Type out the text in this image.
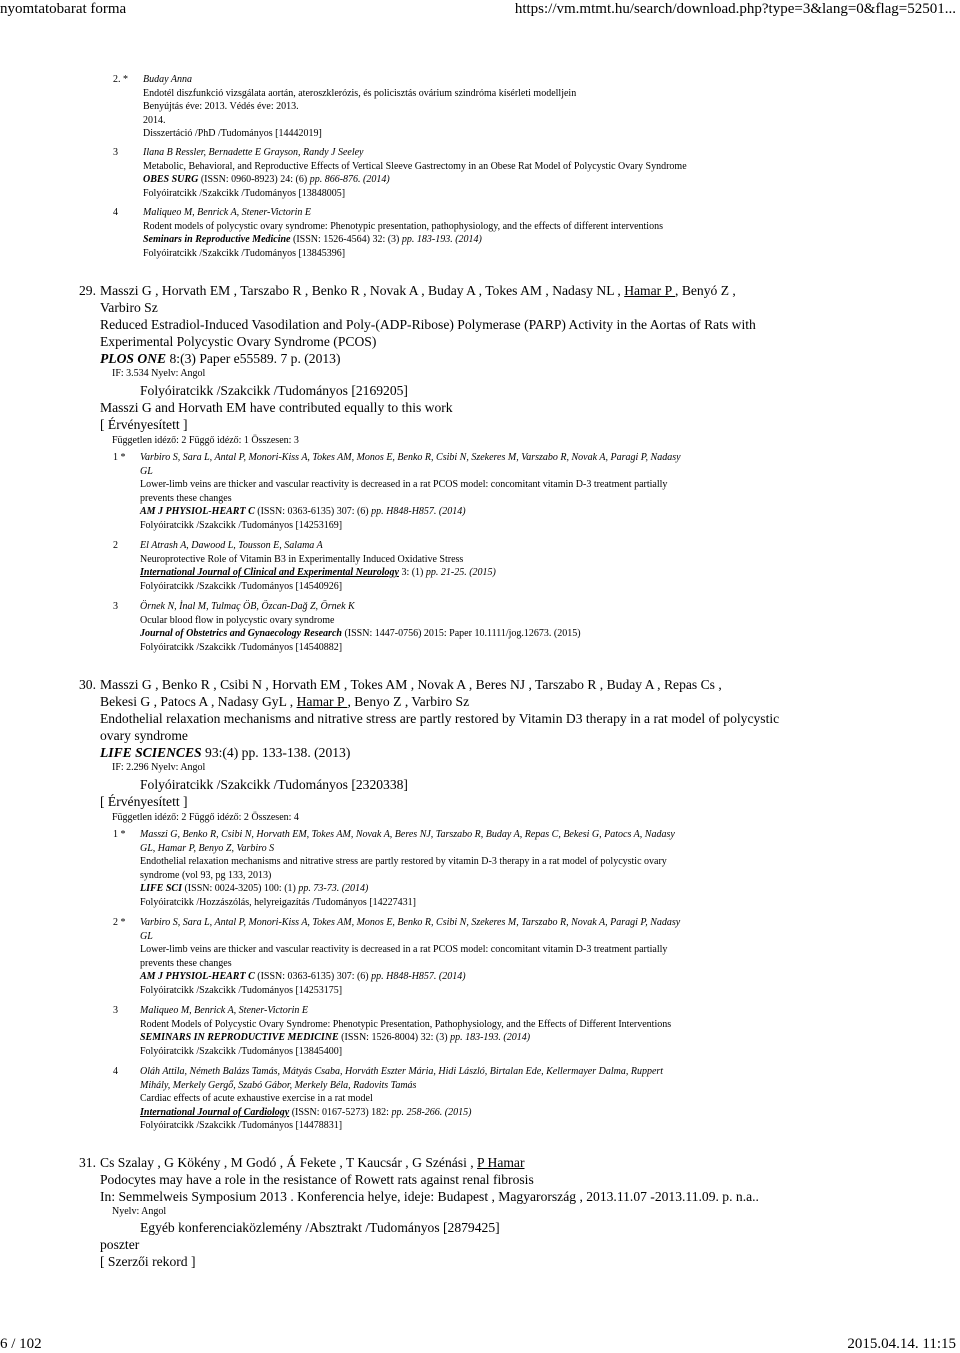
nyomtatobarat forma	https://vm.mtmt.hu/search/download.php?type=3&lang=0&flag=52501...
2. * Buday Anna
Endotél diszfunkció vizsgálata aortán, ateroszklerózis, és policisztás ovárium szindróma kísérleti modelljein
Benyújtás éve: 2013. Védés éve: 2013.
2014.
Disszertáció /PhD /Tudományos [14442019]
3	Ilana B Ressler, Bernadette E Grayson, Randy J Seeley
Metabolic, Behavioral, and Reproductive Effects of Vertical Sleeve Gastrectomy in an Obese Rat Model of Polycystic Ovary Syndrome
OBES SURG (ISSN: 0960-8923) 24: (6) pp. 866-876. (2014)
Folyóiratcikk /Szakcikk /Tudományos [13848005]
4	Maliqueo M, Benrick A, Stener-Victorin E
Rodent models of polycystic ovary syndrome: Phenotypic presentation, pathophysiology, and the effects of different interventions
Seminars in Reproductive Medicine (ISSN: 1526-4564) 32: (3) pp. 183-193. (2014)
Folyóiratcikk /Szakcikk /Tudományos [13845396]
29. Masszi G , Horvath EM , Tarszabo R , Benko R , Novak A , Buday A , Tokes AM , Nadasy NL , Hamar P , Benyó Z ,
Varbiro Sz
Reduced Estradiol-Induced Vasodilation and Poly-(ADP-Ribose) Polymerase (PARP) Activity in the Aortas of Rats with
Experimental Polycystic Ovary Syndrome (PCOS)
PLOS ONE 8:(3) Paper e55589. 7 p. (2013)
IF: 3.534 Nyelv: Angol
Folyóiratcikk /Szakcikk /Tudományos [2169205]
Masszi G and Horvath EM have contributed equally to this work
[ Érvényesített ]
Független idéző: 2 Függő idéző: 1 Összesen: 3
1 * Varbiro S, Sara L, Antal P, Monori-Kiss A, Tokes AM, Monos E, Benko R, Csibi N, Szekeres M, Varszabo R, Novak A, Paragi P, Nadasy
GL
Lower-limb veins are thicker and vascular reactivity is decreased in a rat PCOS model: concomitant vitamin D-3 treatment partially
prevents these changes
AM J PHYSIOL-HEART C (ISSN: 0363-6135) 307: (6) pp. H848-H857. (2014)
Folyóiratcikk /Szakcikk /Tudományos [14253169]
2 El Atrash A, Dawood L, Tousson E, Salama A
Neuroprotective Role of Vitamin B3 in Experimentally Induced Oxidative Stress
International Journal of Clinical and Experimental Neurology 3: (1) pp. 21-25. (2015)
Folyóiratcikk /Szakcikk /Tudományos [14540926]
3 Örnek N, İnal M, Tulmaç ÖB, Özcan-Dağ Z, Örnek K
Ocular blood flow in polycystic ovary syndrome
Journal of Obstetrics and Gynaecology Research (ISSN: 1447-0756) 2015: Paper 10.1111/jog.12673. (2015)
Folyóiratcikk /Szakcikk /Tudományos [14540882]
30. Masszi G , Benko R , Csibi N , Horvath EM , Tokes AM , Novak A , Beres NJ , Tarszabo R , Buday A , Repas Cs ,
Bekesi G , Patocs A , Nadasy GyL , Hamar P , Benyo Z , Varbiro Sz
Endothelial relaxation mechanisms and nitrative stress are partly restored by Vitamin D3 therapy in a rat model of polycystic
ovary syndrome
LIFE SCIENCES 93:(4) pp. 133-138. (2013)
IF: 2.296 Nyelv: Angol
Folyóiratcikk /Szakcikk /Tudományos [2320338]
[ Érvényesített ]
Független idéző: 2 Függő idéző: 2 Összesen: 4
1 * Masszi G, Benko R, Csibi N, Horvath EM, Tokes AM, Novak A, Beres NJ, Tarszabo R, Buday A, Repas C, Bekesi G, Patocs A, Nadasy
GL, Hamar P, Benyo Z, Varbiro S
Endothelial relaxation mechanisms and nitrative stress are partly restored by vitamin D-3 therapy in a rat model of polycystic ovary
syndrome (vol 93, pg 133, 2013)
LIFE SCI (ISSN: 0024-3205) 100: (1) pp. 73-73. (2014)
Folyóiratcikk /Hozzászólás, helyreigazítás /Tudományos [14227431]
2 * Varbiro S, Sara L, Antal P, Monori-Kiss A, Tokes AM, Monos E, Benko R, Csibi N, Szekeres M, Tarszabo R, Novak A, Paragi P, Nadasy
GL
Lower-limb veins are thicker and vascular reactivity is decreased in a rat PCOS model: concomitant vitamin D-3 treatment partially
prevents these changes
AM J PHYSIOL-HEART C (ISSN: 0363-6135) 307: (6) pp. H848-H857. (2014)
Folyóiratcikk /Szakcikk /Tudományos [14253175]
3 Maliqueo M, Benrick A, Stener-Victorin E
Rodent Models of Polycystic Ovary Syndrome: Phenotypic Presentation, Pathophysiology, and the Effects of Different Interventions
SEMINARS IN REPRODUCTIVE MEDICINE (ISSN: 1526-8004) 32: (3) pp. 183-193. (2014)
Folyóiratcikk /Szakcikk /Tudományos [13845400]
4 Oláh Attila, Németh Balázs Tamás, Mátyás Csaba, Horváth Eszter Mária, Hidi László, Birtalan Ede, Kellermayer Dalma, Ruppert
Mihály, Merkely Gergő, Szabó Gábor, Merkely Béla, Radovits Tamás
Cardiac effects of acute exhaustive exercise in a rat model
International Journal of Cardiology (ISSN: 0167-5273) 182: pp. 258-266. (2015)
Folyóiratcikk /Szakcikk /Tudományos [14478831]
31. Cs Szalay , G Kökény , M Godó , Á Fekete , T Kaucsár , G Szénási , P Hamar
Podocytes may have a role in the resistance of Rowett rats against renal fibrosis
In: Semmelweis Symposium 2013 . Konferencia helye, ideje: Budapest , Magyarország , 2013.11.07 -2013.11.09. p. n.a..
Nyelv: Angol
Egyéb konferenciaközlemény /Absztrakt /Tudományos [2879425]
poszter
[ Szerzői rekord ]
6 / 102	2015.04.14. 11:15
